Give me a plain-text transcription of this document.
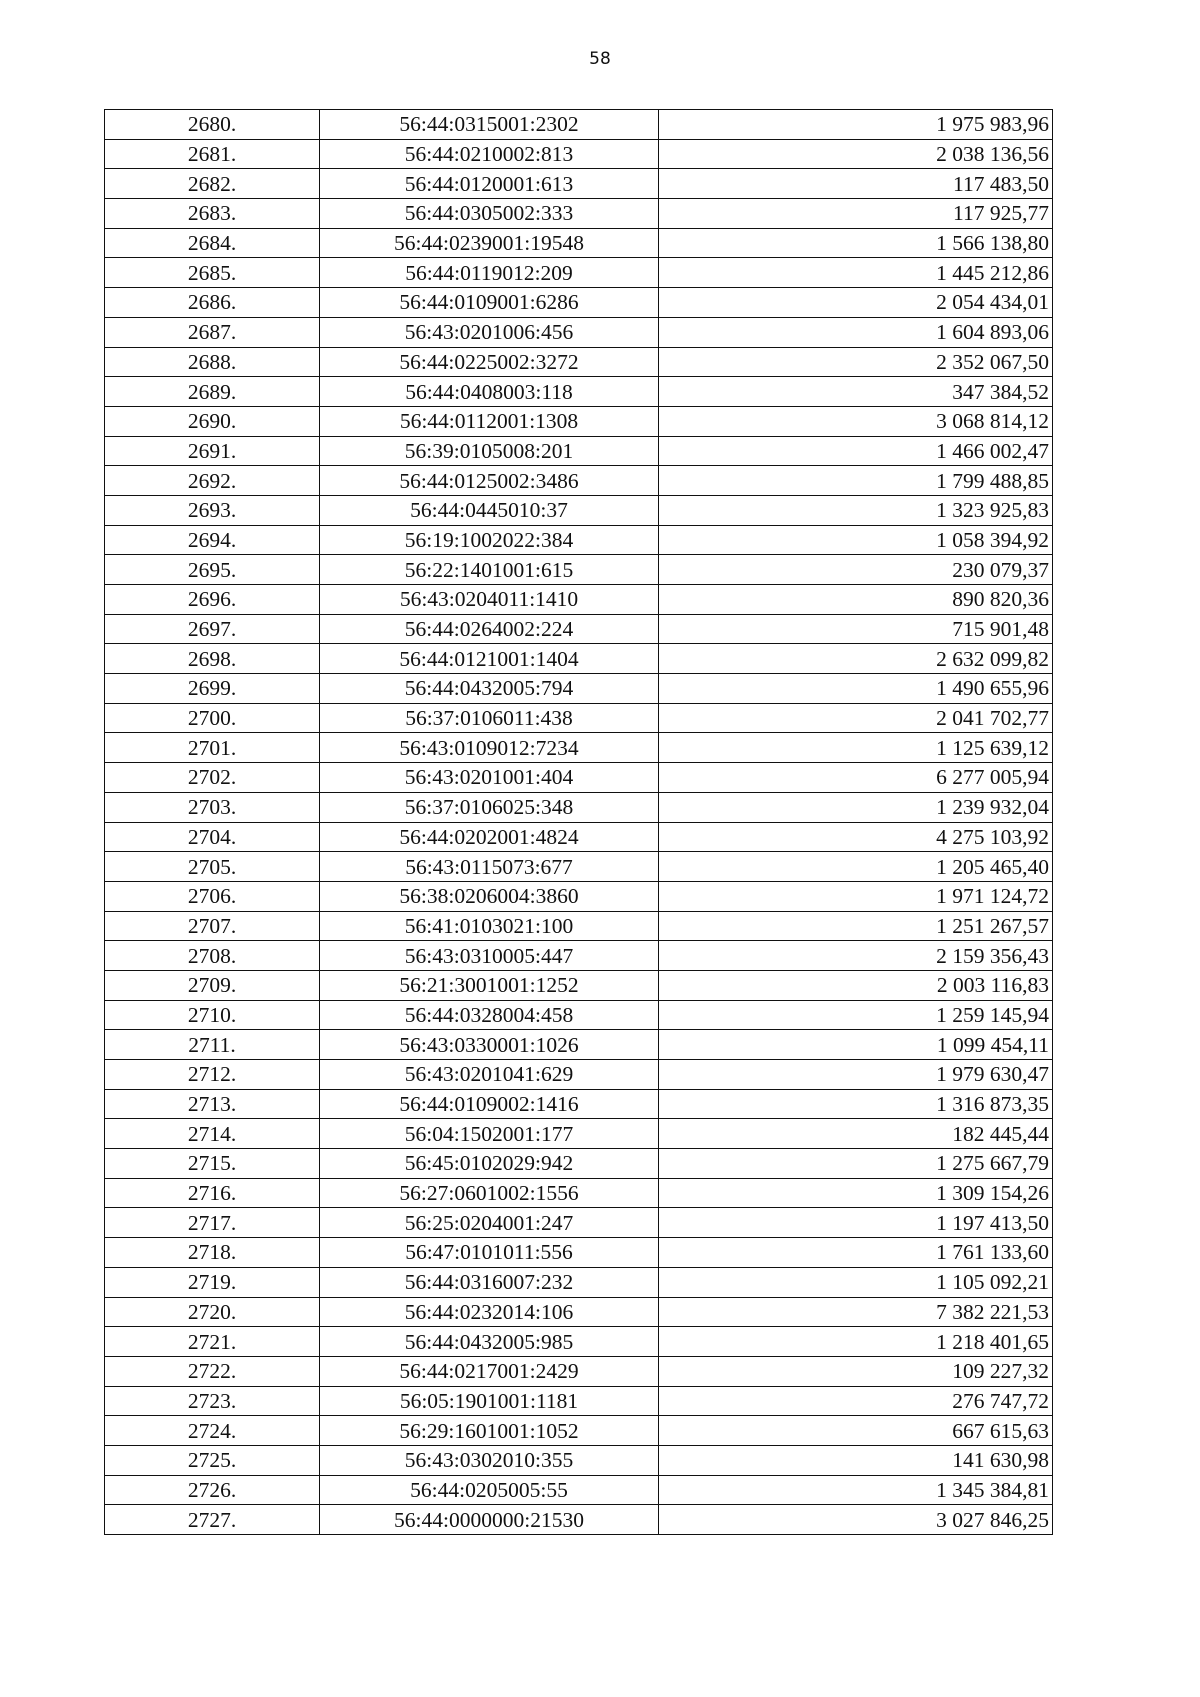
58
2680.	56:44:0315001:2302	1 975 983,96
2681.	56:44:0210002:813	2 038 136,56
2682.	56:44:0120001:613	117 483,50
2683.	56:44:0305002:333	117 925,77
2684.	56:44:0239001:19548	1 566 138,80
2685.	56:44:0119012:209	1 445 212,86
2686.	56:44:0109001:6286	2 054 434,01
2687.	56:43:0201006:456	1 604 893,06
2688.	56:44:0225002:3272	2 352 067,50
2689.	56:44:0408003:118	347 384,52
2690.	56:44:0112001:1308	3 068 814,12
2691.	56:39:0105008:201	1 466 002,47
2692.	56:44:0125002:3486	1 799 488,85
2693.	56:44:0445010:37	1 323 925,83
2694.	56:19:1002022:384	1 058 394,92
2695.	56:22:1401001:615	230 079,37
2696.	56:43:0204011:1410	890 820,36
2697.	56:44:0264002:224	715 901,48
2698.	56:44:0121001:1404	2 632 099,82
2699.	56:44:0432005:794	1 490 655,96
2700.	56:37:0106011:438	2 041 702,77
2701.	56:43:0109012:7234	1 125 639,12
2702.	56:43:0201001:404	6 277 005,94
2703.	56:37:0106025:348	1 239 932,04
2704.	56:44:0202001:4824	4 275 103,92
2705.	56:43:0115073:677	1 205 465,40
2706.	56:38:0206004:3860	1 971 124,72
2707.	56:41:0103021:100	1 251 267,57
2708.	56:43:0310005:447	2 159 356,43
2709.	56:21:3001001:1252	2 003 116,83
2710.	56:44:0328004:458	1 259 145,94
2711.	56:43:0330001:1026	1 099 454,11
2712.	56:43:0201041:629	1 979 630,47
2713.	56:44:0109002:1416	1 316 873,35
2714.	56:04:1502001:177	182 445,44
2715.	56:45:0102029:942	1 275 667,79
2716.	56:27:0601002:1556	1 309 154,26
2717.	56:25:0204001:247	1 197 413,50
2718.	56:47:0101011:556	1 761 133,60
2719.	56:44:0316007:232	1 105 092,21
2720.	56:44:0232014:106	7 382 221,53
2721.	56:44:0432005:985	1 218 401,65
2722.	56:44:0217001:2429	109 227,32
2723.	56:05:1901001:1181	276 747,72
2724.	56:29:1601001:1052	667 615,63
2725.	56:43:0302010:355	141 630,98
2726.	56:44:0205005:55	1 345 384,81
2727.	56:44:0000000:21530	3 027 846,25
